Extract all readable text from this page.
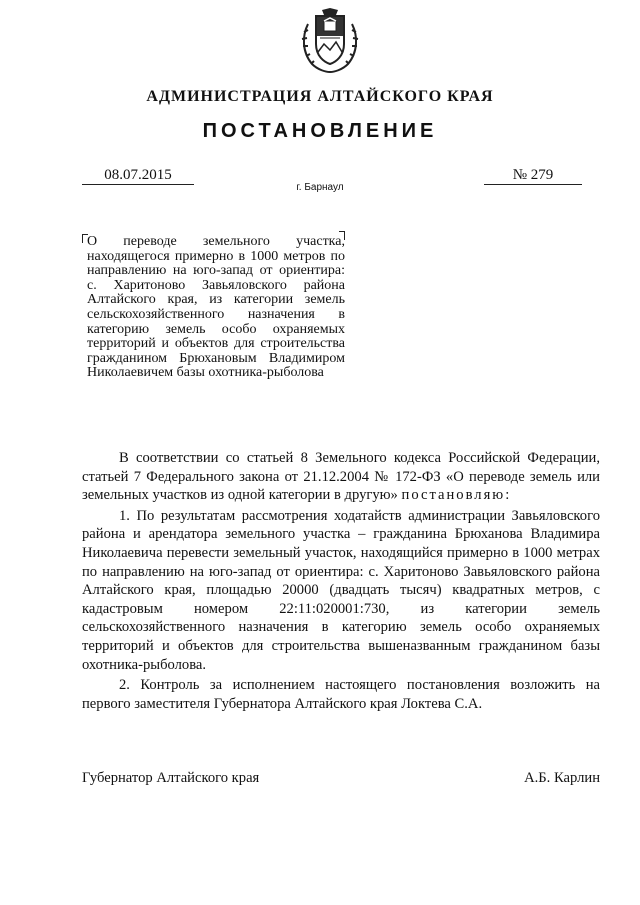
АДМИНИСТРАЦИЯ АЛТАЙСКОГО КРАЯ
ПОСТАНОВЛЕНИЕ
08.07.2015	№ 279
г. Барнаул
О переводе земельного участка, находящегося примерно в 1000 метров по направлению на юго-запад от ориентира: с. Харитоново Завьяловского района Алтайского края, из категории земель сельскохозяйственного назначения в категорию земель особо охраняемых территорий и объектов для строительства гражданином Брюхановым Владимиром Николаевичем базы охотника-рыболова

В соответствии со статьей 8 Земельного кодекса Российской Федерации, статьей 7 Федерального закона от 21.12.2004 № 172-ФЗ «О переводе земель или земельных участков из одной категории в другую» постановляю:

1. По результатам рассмотрения ходатайств администрации Завьяловского района и арендатора земельного участка – гражданина Брюханова Владимира Николаевича перевести земельный участок, находящийся примерно в 1000 метрах по направлению на юго-запад от ориентира: с. Харитоново Завьяловского района Алтайского края, площадью 20000 (двадцать тысяч) квадратных метров, с кадастровым номером 22:11:020001:730, из категории земель сельскохозяйственного назначения в категорию земель особо охраняемых территорий и объектов для строительства вышеназванным гражданином базы охотника-рыболова.

2. Контроль за исполнением настоящего постановления возложить на первого заместителя Губернатора Алтайского края Локтева С.А.

Губернатор Алтайского края	А.Б. Карлин
